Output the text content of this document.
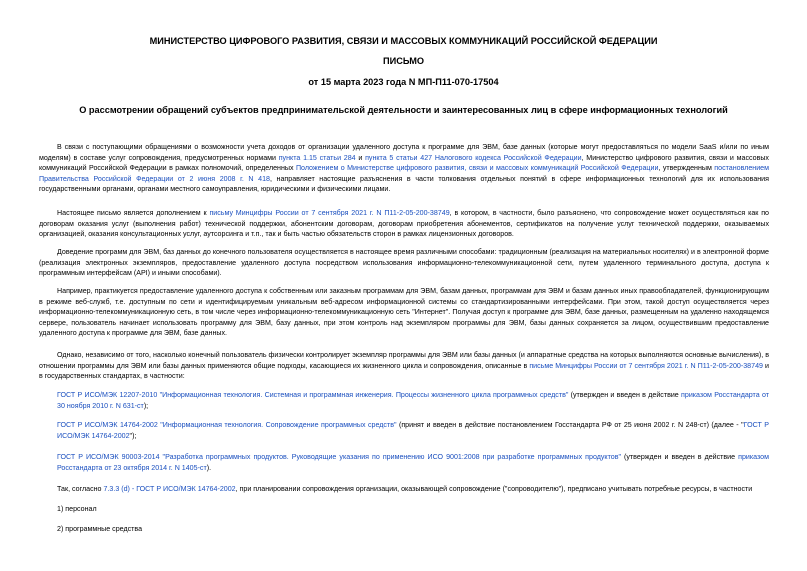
МИНИСТЕРСТВО ЦИФРОВОГО РАЗВИТИЯ, СВЯЗИ И МАССОВЫХ КОММУНИКАЦИЙ РОССИЙСКОЙ ФЕДЕРАЦИИ
ПИСЬМО
от 15 марта 2023 года N МП-П11-070-17504
О рассмотрении обращений субъектов предпринимательской деятельности и заинтересованных лиц в сфере информационных технологий
В связи с поступающими обращениями о возможности учета доходов от организации удаленного доступа к программе для ЭВМ, базе данных (которые могут предоставляться по модели SaaS и/или по иным моделям) в составе услуг сопровождения, предусмотренных нормами пункта 1.15 статьи 284 и пункта 5 статьи 427 Налогового кодекса Российской Федерации, Министерство цифрового развития, связи и массовых коммуникаций Российской Федерации в рамках полномочий, определенных Положением о Министерстве цифрового развития, связи и массовых коммуникаций Российской Федерации, утвержденным постановлением Правительства Российской Федерации от 2 июня 2008 г. N 418, направляет настоящие разъяснения в части толкования отдельных понятий в сфере информационных технологий для их использования государственными органами, органами местного самоуправления, юридическими и физическими лицами.
Настоящее письмо является дополнением к письму Минцифры России от 7 сентября 2021 г. N П11-2-05-200-38749, в котором, в частности, было разъяснено, что сопровождение может осуществляться как по договорам оказания услуг (выполнения работ) технической поддержки, абонентским договорам, договорам приобретения абонементов, сертификатов на получение услуг технической поддержки, оказываемых организацией, оказания консультационных услуг, аутсорсинга и т.п., так и быть частью обязательств сторон в рамках лицензионных договоров.
Доведение программ для ЭВМ, баз данных до конечного пользователя осуществляется в настоящее время различными способами: традиционным (реализация на материальных носителях) и в электронной форме (реализация электронных экземпляров, предоставление удаленного доступа посредством использования информационно-телекоммуникационной сети, путем удаленного терминального доступа, доступа к программным интерфейсам (API) и иными способами).
Например, практикуется предоставление удаленного доступа к собственным или заказным программам для ЭВМ, базам данных, программам для ЭВМ и базам данных иных правообладателей, функционирующим в режиме веб-служб, т.е. доступным по сети и идентифицируемым уникальным веб-адресом информационной системы со стандартизированными интерфейсами. При этом, такой доступ осуществляется через информационно-телекоммуникационную сеть, в том числе через информационно-телекоммуникационную сеть "Интернет". Получая доступ к программе для ЭВМ, базе данных, размещенным на удаленно находящемся сервере, пользователь начинает использовать программу для ЭВМ, базу данных, при этом контроль над экземпляром программы для ЭВМ, базы данных сохраняется за лицом, осуществившим предоставление удаленного доступа к программе для ЭВМ, базе данных.
Однако, независимо от того, насколько конечный пользователь физически контролирует экземпляр программы для ЭВМ или базы данных (и аппаратные средства на которых выполняются основные вычисления), в отношении программы для ЭВМ или базы данных применяются общие подходы, касающиеся их жизненного цикла и сопровождения, описанные в письме Минцифры России от 7 сентября 2021 г. N П11-2-05-200-38749 и в государственных стандартах, в частности:
ГОСТ Р ИСО/МЭК 12207-2010 "Информационная технология. Системная и программная инженерия. Процессы жизненного цикла программных средств" (утвержден и введен в действие приказом Росстандарта от 30 ноября 2010 г. N 631-ст);
ГОСТ Р ИСО/МЭК 14764-2002 "Информационная технология. Сопровождение программных средств" (принят и введен в действие постановлением Госстандарта РФ от 25 июня 2002 г. N 248-ст) (далее - "ГОСТ Р ИСО/МЭК 14764-2002");
ГОСТ Р ИСО/МЭК 90003-2014 "Разработка программных продуктов. Руководящие указания по применению ИСО 9001:2008 при разработке программных продуктов" (утвержден и введен в действие приказом Росстандарта от 23 октября 2014 г. N 1405-ст).
Так, согласно 7.3.3 (d) - ГОСТ Р ИСО/МЭК 14764-2002, при планировании сопровождения организации, оказывающей сопровождение ("сопроводителю"), предписано учитывать потребные ресурсы, в частности
1) персонал
2) программные средства
